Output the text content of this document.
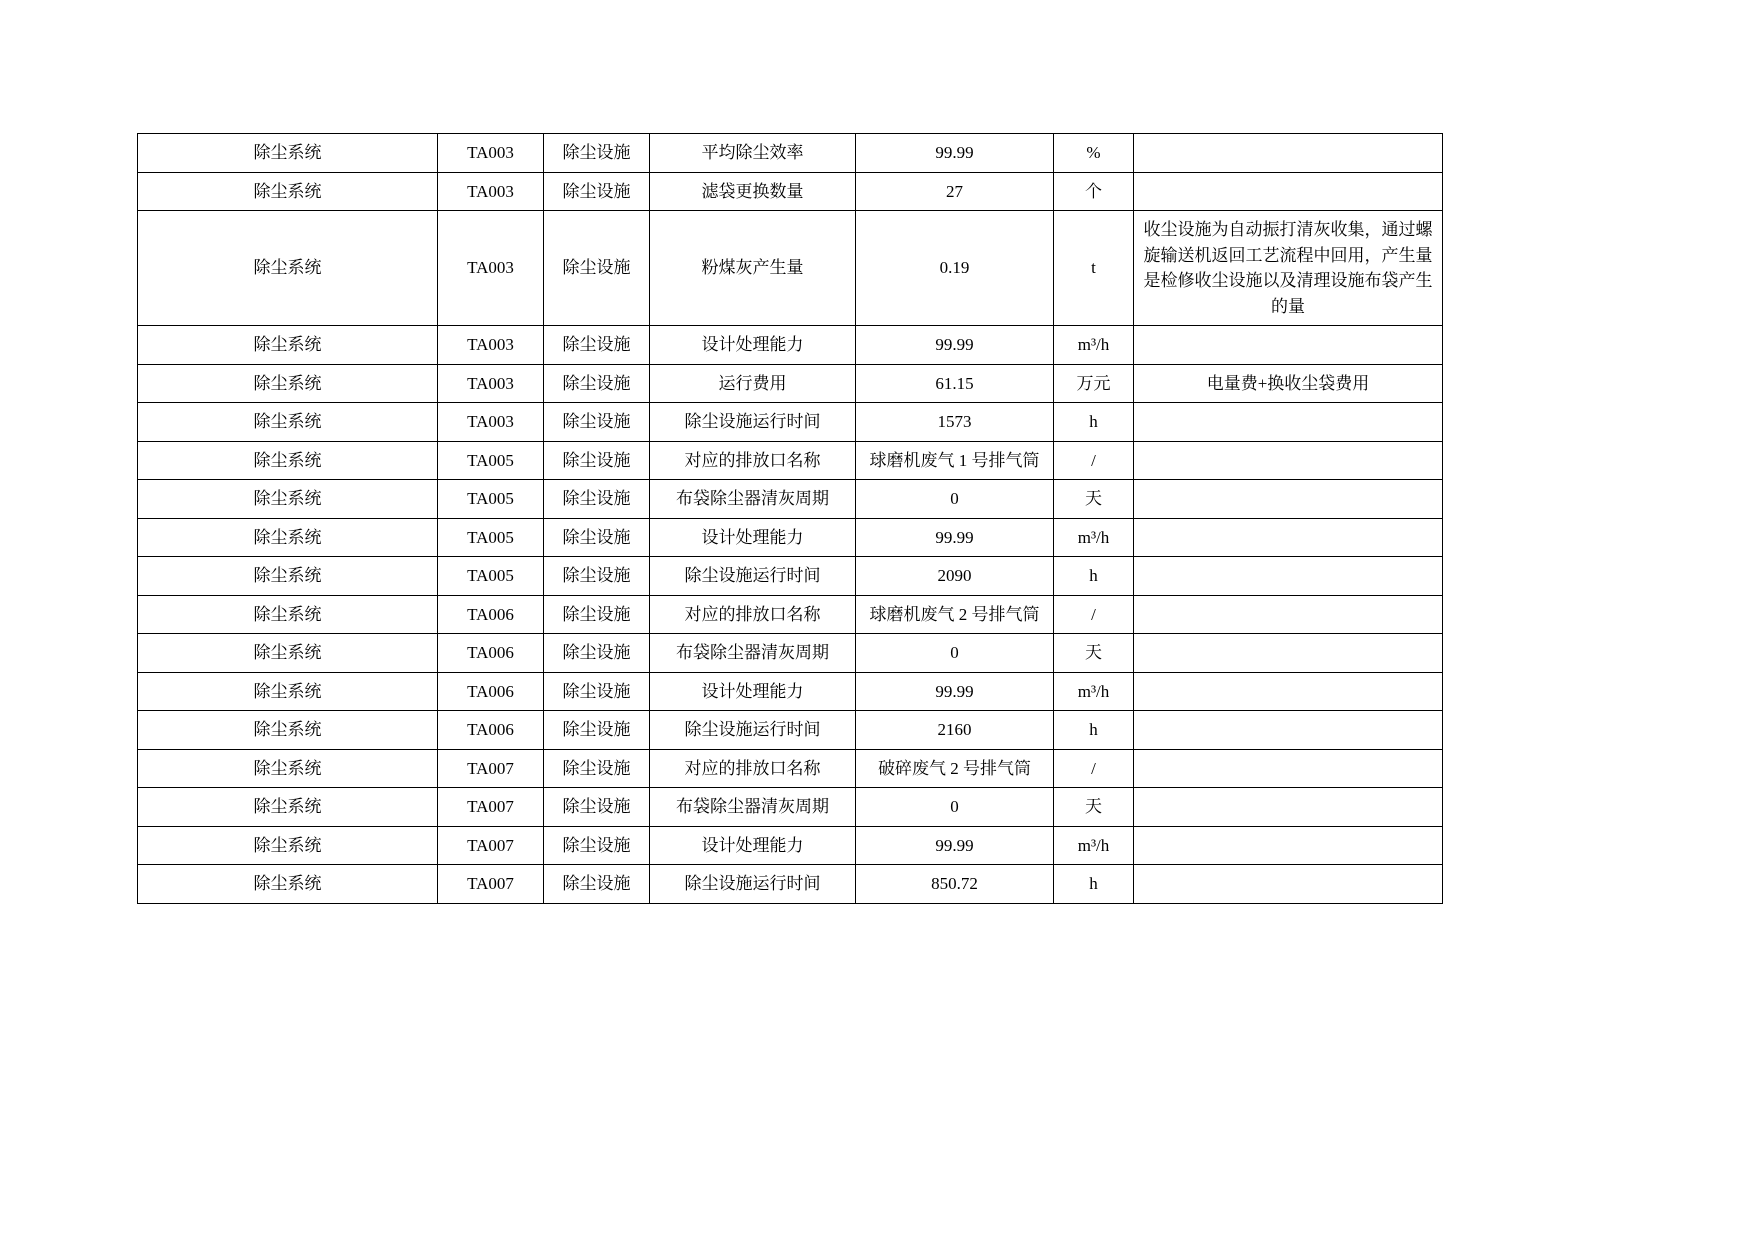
除尘系统	TA003	除尘设施	平均除尘效率	99.99	%	
除尘系统	TA003	除尘设施	滤袋更换数量	27	个	
除尘系统	TA003	除尘设施	粉煤灰产生量	0.19	t	收尘设施为自动振打清灰收集，通过螺旋输送机返回工艺流程中回用，产生量是检修收尘设施以及清理设施布袋产生的量
除尘系统	TA003	除尘设施	设计处理能力	99.99	m³/h	
除尘系统	TA003	除尘设施	运行费用	61.15	万元	电量费+换收尘袋费用
除尘系统	TA003	除尘设施	除尘设施运行时间	1573	h	
除尘系统	TA005	除尘设施	对应的排放口名称	球磨机废气 1 号排气筒	/	
除尘系统	TA005	除尘设施	布袋除尘器清灰周期	0	天	
除尘系统	TA005	除尘设施	设计处理能力	99.99	m³/h	
除尘系统	TA005	除尘设施	除尘设施运行时间	2090	h	
除尘系统	TA006	除尘设施	对应的排放口名称	球磨机废气 2 号排气筒	/	
除尘系统	TA006	除尘设施	布袋除尘器清灰周期	0	天	
除尘系统	TA006	除尘设施	设计处理能力	99.99	m³/h	
除尘系统	TA006	除尘设施	除尘设施运行时间	2160	h	
除尘系统	TA007	除尘设施	对应的排放口名称	破碎废气 2 号排气筒	/	
除尘系统	TA007	除尘设施	布袋除尘器清灰周期	0	天	
除尘系统	TA007	除尘设施	设计处理能力	99.99	m³/h	
除尘系统	TA007	除尘设施	除尘设施运行时间	850.72	h	
